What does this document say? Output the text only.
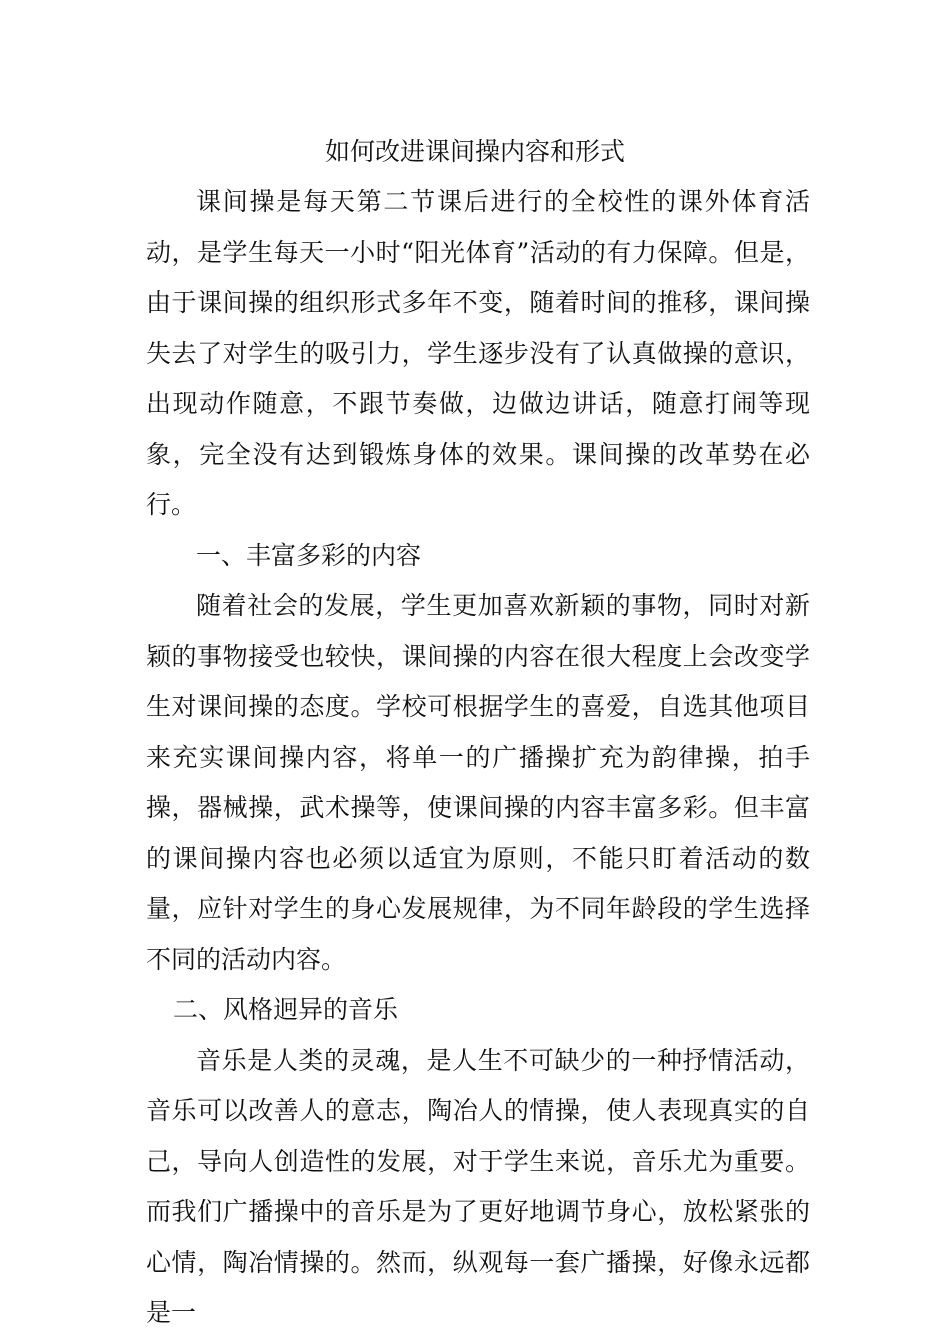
如何改进课间操内容和形式

课间操是每天第二节课后进行的全校性的课外体育活动，是学生每天一小时“阳光体育”活动的有力保障。但是，由于课间操的组织形式多年不变，随着时间的推移，课间操失去了对学生的吸引力，学生逐步没有了认真做操的意识，出现动作随意，不跟节奏做，边做边讲话，随意打闹等现象，完全没有达到锻炼身体的效果。课间操的改革势在必行。

一、丰富多彩的内容

随着社会的发展，学生更加喜欢新颖的事物，同时对新颖的事物接受也较快，课间操的内容在很大程度上会改变学生对课间操的态度。学校可根据学生的喜爱，自选其他项目来充实课间操内容，将单一的广播操扩充为韵律操，拍手操，器械操，武术操等，使课间操的内容丰富多彩。但丰富的课间操内容也必须以适宜为原则，不能只盯着活动的数量，应针对学生的身心发展规律，为不同年龄段的学生选择不同的活动内容。

二、风格迥异的音乐

音乐是人类的灵魂，是人生不可缺少的一种抒情活动，音乐可以改善人的意志，陶冶人的情操，使人表现真实的自己，导向人创造性的发展，对于学生来说，音乐尤为重要。而我们广播操中的音乐是为了更好地调节身心，放松紧张的心情，陶冶情操的。然而，纵观每一套广播操，好像永远都是一
